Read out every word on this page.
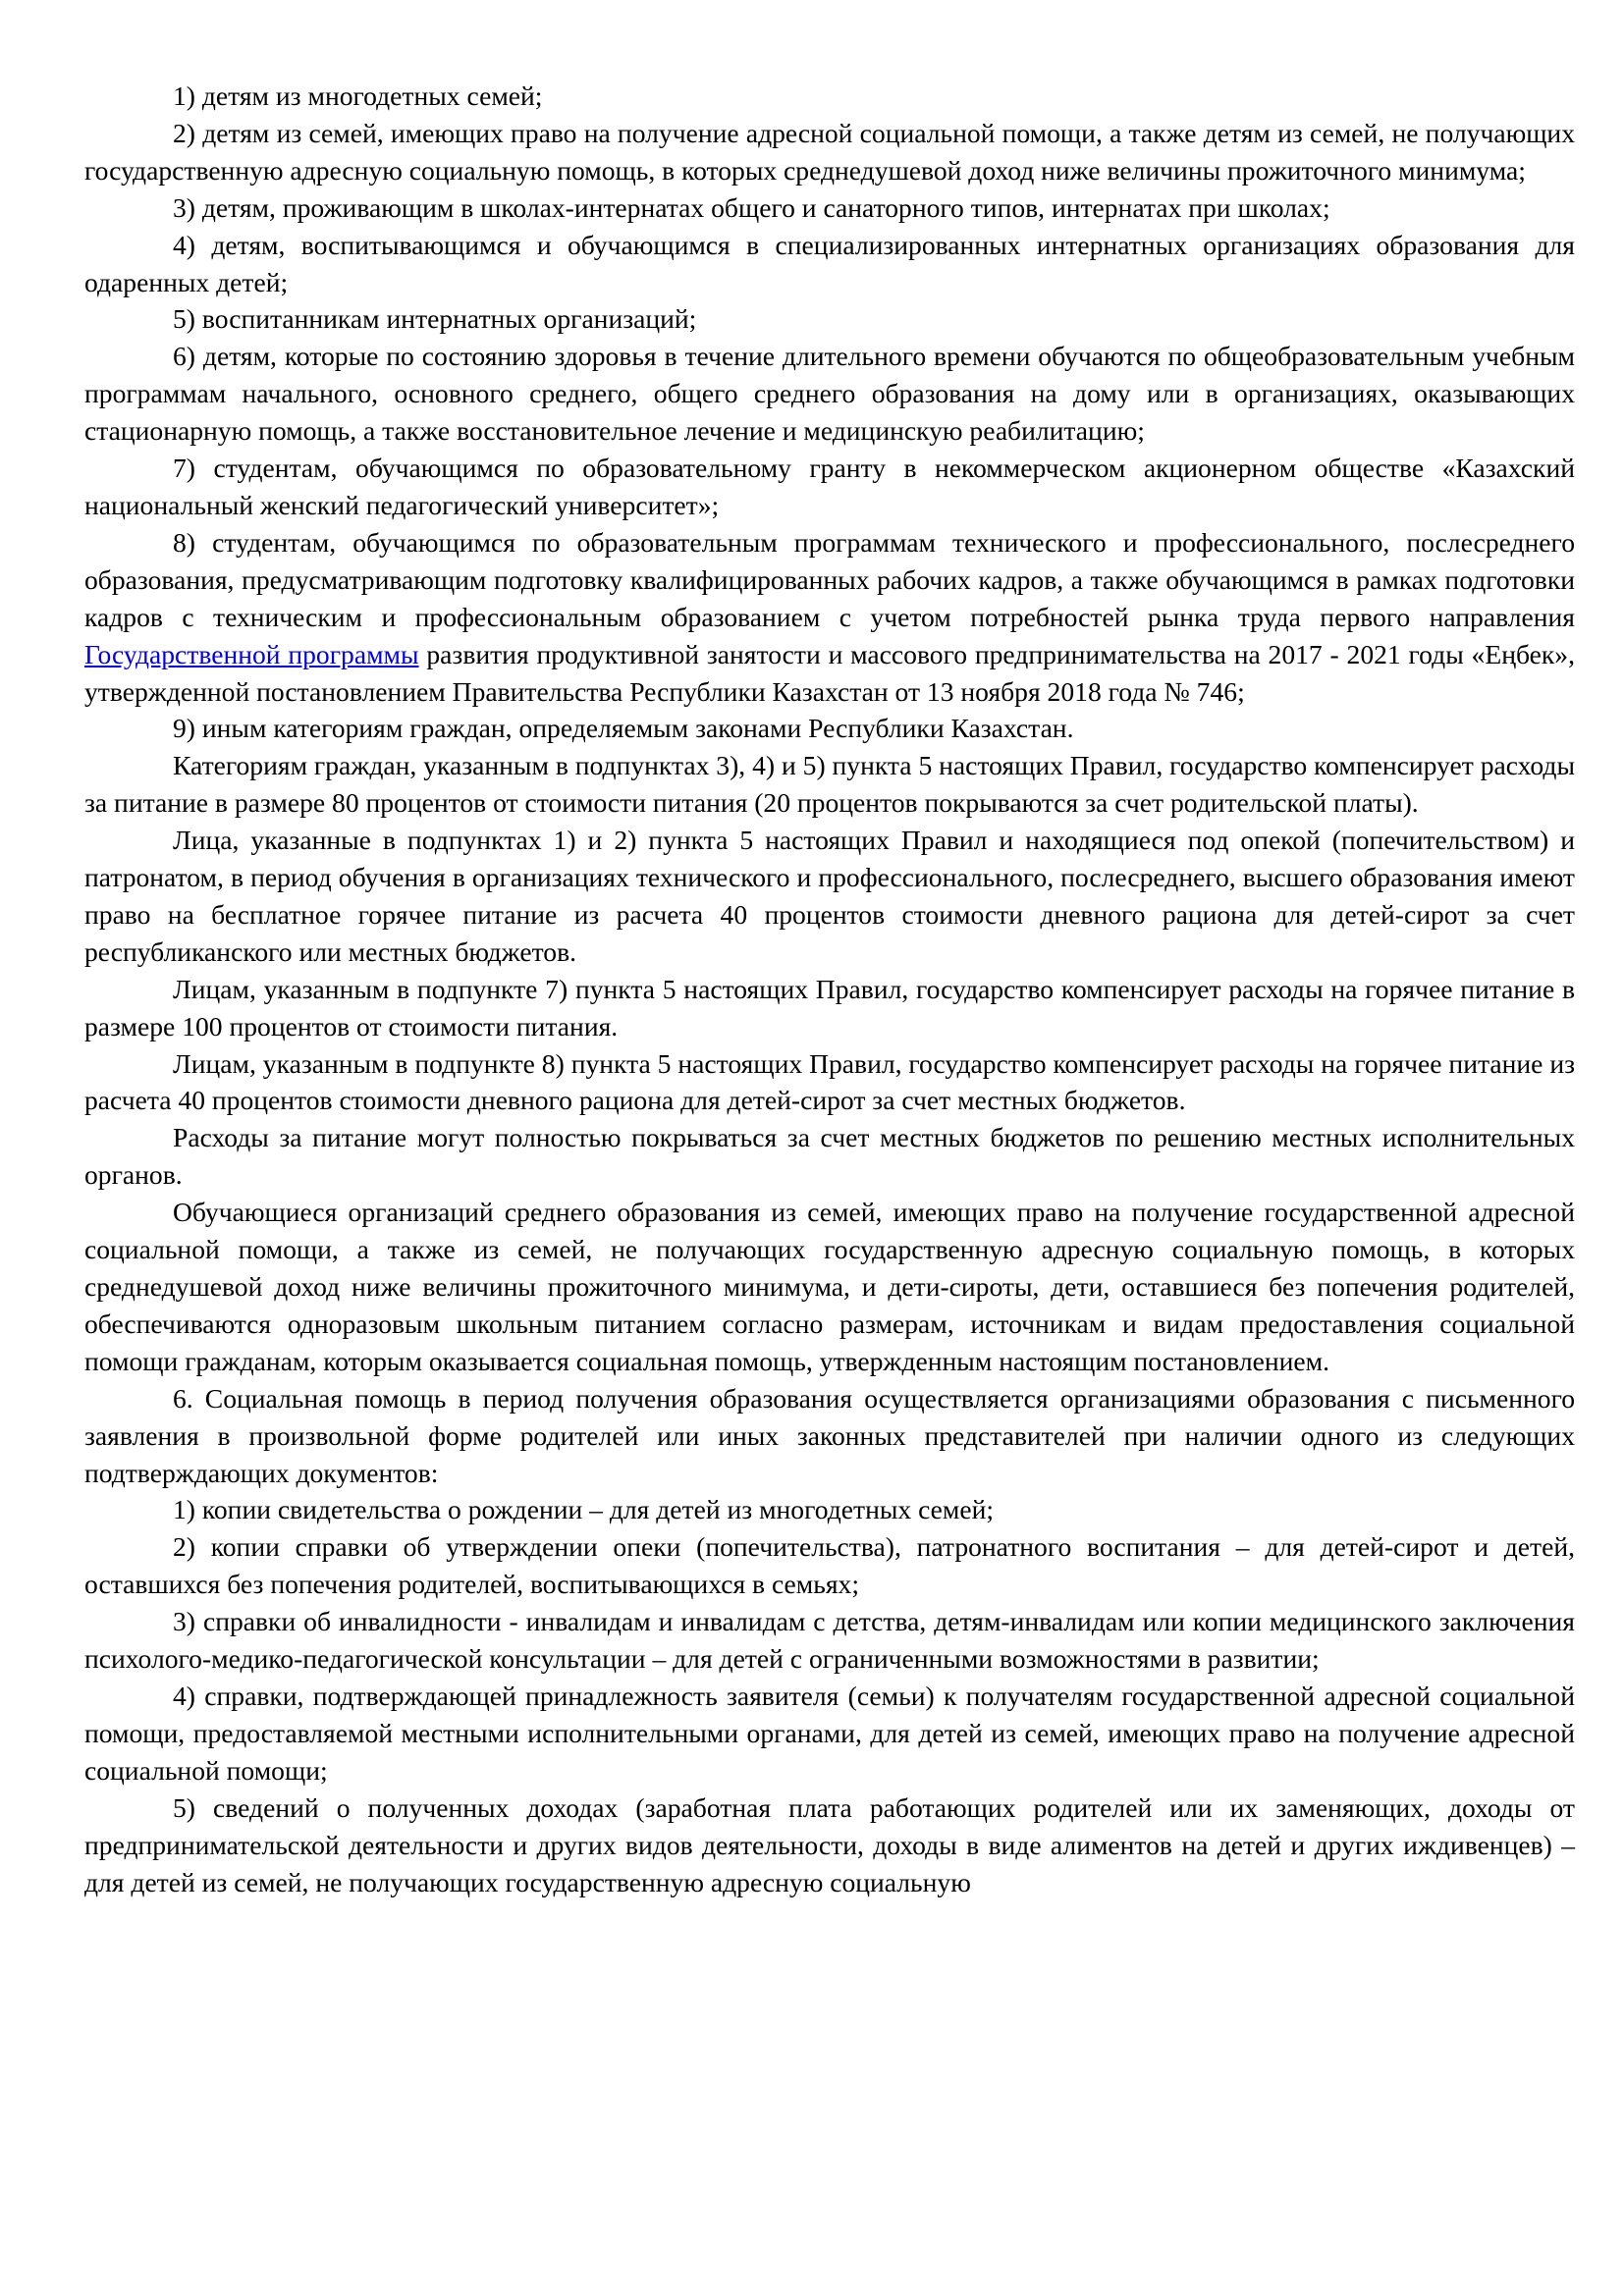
1) детям из многодетных семей;

2) детям из семей, имеющих право на получение адресной социальной помощи, а также детям из семей, не получающих государственную адресную социальную помощь, в которых среднедушевой доход ниже величины прожиточного минимума;

3) детям, проживающим в школах-интернатах общего и санаторного типов, интернатах при школах;

4) детям, воспитывающимся и обучающимся в специализированных интернатных организациях образования для одаренных детей;

5) воспитанникам интернатных организаций;

6) детям, которые по состоянию здоровья в течение длительного времени обучаются по общеобразовательным учебным программам начального, основного среднего, общего среднего образования на дому или в организациях, оказывающих стационарную помощь, а также восстановительное лечение и медицинскую реабилитацию;

7) студентам, обучающимся по образовательному гранту в некоммерческом акционерном обществе «Казахский национальный женский педагогический университет»;

8) студентам, обучающимся по образовательным программам технического и профессионального, послесреднего образования, предусматривающим подготовку квалифицированных рабочих кадров, а также обучающимся в рамках подготовки кадров с техническим и профессиональным образованием с учетом потребностей рынка труда первого направления Государственной программы развития продуктивной занятости и массового предпринимательства на 2017 - 2021 годы «Еңбек», утвержденной постановлением Правительства Республики Казахстан от 13 ноября 2018 года № 746;

9) иным категориям граждан, определяемым законами Республики Казахстан.

Категориям граждан, указанным в подпунктах 3), 4) и 5) пункта 5 настоящих Правил, государство компенсирует расходы за питание в размере 80 процентов от стоимости питания (20 процентов покрываются за счет родительской платы).

Лица, указанные в подпунктах 1) и 2) пункта 5 настоящих Правил и находящиеся под опекой (попечительством) и патронатом, в период обучения в организациях технического и профессионального, послесреднего, высшего образования имеют право на бесплатное горячее питание из расчета 40 процентов стоимости дневного рациона для детей-сирот за счет республиканского или местных бюджетов.

Лицам, указанным в подпункте 7) пункта 5 настоящих Правил, государство компенсирует расходы на горячее питание в размере 100 процентов от стоимости питания.

Лицам, указанным в подпункте 8) пункта 5 настоящих Правил, государство компенсирует расходы на горячее питание из расчета 40 процентов стоимости дневного рациона для детей-сирот за счет местных бюджетов.

Расходы за питание могут полностью покрываться за счет местных бюджетов по решению местных исполнительных органов.

Обучающиеся организаций среднего образования из семей, имеющих право на получение государственной адресной социальной помощи, а также из семей, не получающих государственную адресную социальную помощь, в которых среднедушевой доход ниже величины прожиточного минимума, и дети-сироты, дети, оставшиеся без попечения родителей, обеспечиваются одноразовым школьным питанием согласно размерам, источникам и видам предоставления социальной помощи гражданам, которым оказывается социальная помощь, утвержденным настоящим постановлением.

6. Социальная помощь в период получения образования осуществляется организациями образования с письменного заявления в произвольной форме родителей или иных законных представителей при наличии одного из следующих подтверждающих документов:

1) копии свидетельства о рождении – для детей из многодетных семей;

2) копии справки об утверждении опеки (попечительства), патронатного воспитания – для детей-сирот и детей, оставшихся без попечения родителей, воспитывающихся в семьях;

3) справки об инвалидности - инвалидам и инвалидам с детства, детям-инвалидам или копии медицинского заключения психолого-медико-педагогической консультации – для детей с ограниченными возможностями в развитии;

4) справки, подтверждающей принадлежность заявителя (семьи) к получателям государственной адресной социальной помощи, предоставляемой местными исполнительными органами, для детей из семей, имеющих право на получение адресной социальной помощи;

5) сведений о полученных доходах (заработная плата работающих родителей или их заменяющих, доходы от предпринимательской деятельности и других видов деятельности, доходы в виде алиментов на детей и других иждивенцев) – для детей из семей, не получающих государственную адресную социальную
